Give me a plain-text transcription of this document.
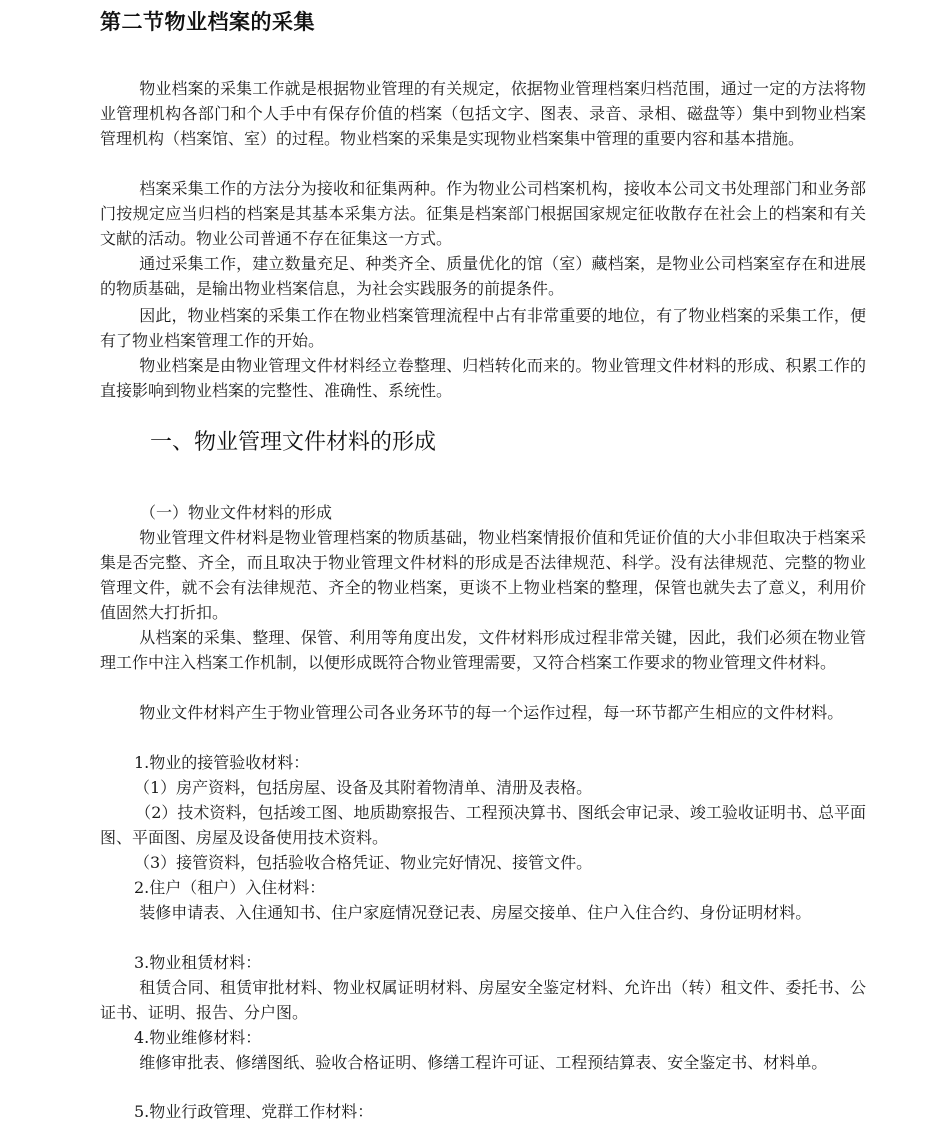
第二节物业档案的采集

物业档案的采集工作就是根据物业管理的有关规定，依据物业管理档案归档范围，通过一定的方法将物业管理机构各部门和个人手中有保存价值的档案（包括文字、图表、录音、录相、磁盘等）集中到物业档案管理机构（档案馆、室）的过程。物业档案的采集是实现物业档案集中管理的重要内容和基本措施。

档案采集工作的方法分为接收和征集两种。作为物业公司档案机构，接收本公司文书处理部门和业务部门按规定应当归档的档案是其基本采集方法。征集是档案部门根据国家规定征收散存在社会上的档案和有关文献的活动。物业公司普通不存在征集这一方式。

通过采集工作，建立数量充足、种类齐全、质量优化的馆（室）藏档案，是物业公司档案室存在和进展的物质基础，是输出物业档案信息，为社会实践服务的前提条件。

因此，物业档案的采集工作在物业档案管理流程中占有非常重要的地位，有了物业档案的采集工作，便有了物业档案管理工作的开始。

物业档案是由物业管理文件材料经立卷整理、归档转化而来的。物业管理文件材料的形成、积累工作的直接影响到物业档案的完整性、准确性、系统性。

一、物业管理文件材料的形成

（一）物业文件材料的形成

物业管理文件材料是物业管理档案的物质基础，物业档案情报价值和凭证价值的大小非但取决于档案采集是否完整、齐全，而且取决于物业管理文件材料的形成是否法律规范、科学。没有法律规范、完整的物业管理文件，就不会有法律规范、齐全的物业档案，更谈不上物业档案的整理，保管也就失去了意义，利用价值固然大打折扣。

从档案的采集、整理、保管、利用等角度出发，文件材料形成过程非常关键，因此，我们必须在物业管理工作中注入档案工作机制，以便形成既符合物业管理需要，又符合档案工作要求的物业管理文件材料。

物业文件材料产生于物业管理公司各业务环节的每一个运作过程，每一环节都产生相应的文件材料。

1.物业的接管验收材料：

（1）房产资料，包括房屋、设备及其附着物清单、清册及表格。

（2）技术资料，包括竣工图、地质勘察报告、工程预决算书、图纸会审记录、竣工验收证明书、总平面图、平面图、房屋及设备使用技术资料。

（3）接管资料，包括验收合格凭证、物业完好情况、接管文件。

2.住户（租户）入住材料：

装修申请表、入住通知书、住户家庭情况登记表、房屋交接单、住户入住合约、身份证明材料。

3.物业租赁材料：

租赁合同、租赁审批材料、物业权属证明材料、房屋安全鉴定材料、允许出（转）租文件、委托书、公证书、证明、报告、分户图。

4.物业维修材料：

维修审批表、修缮图纸、验收合格证明、修缮工程许可证、工程预结算表、安全鉴定书、材料单。

5.物业行政管理、党群工作材料：
